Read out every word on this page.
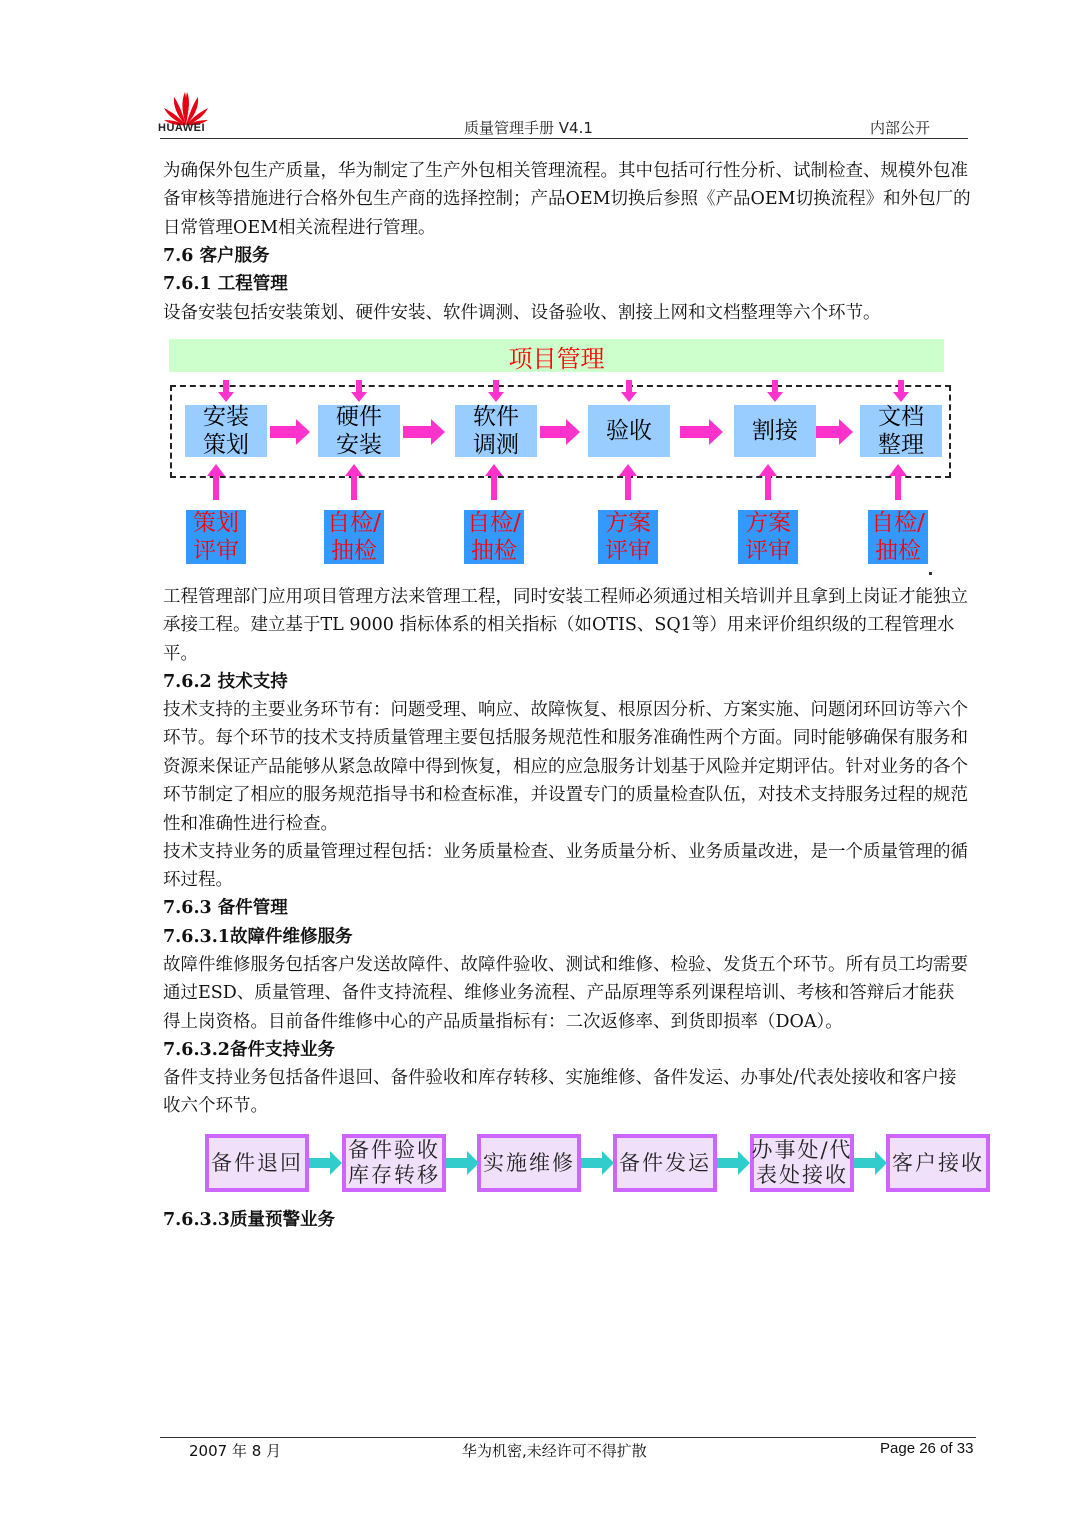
HUAWEI	质量管理手册 V4.1	内部公开
为确保外包生产质量，华为制定了生产外包相关管理流程。其中包括可行性分析、试制检查、规模外包准备审核等措施进行合格外包生产商的选择控制；产品OEM切换后参照《产品OEM切换流程》和外包厂的日常管理OEM相关流程进行管理。
7.6 客户服务
7.6.1 工程管理
设备安装包括安装策划、硬件安装、软件调测、设备验收、割接上网和文档整理等六个环节。
项目管理
安装
策划
硬件
安装
软件
调测
验收	割接
文档
整理
策划
评审
自检/
抽检
自检/
抽检
方案
评审
方案
评审
自检/
抽检
工程管理部门应用项目管理方法来管理工程，同时安装工程师必须通过相关培训并且拿到上岗证才能独立承接工程。建立基于TL 9000 指标体系的相关指标（如OTIS、SQ1等）用来评价组织级的工程管理水平。
7.6.2 技术支持
技术支持的主要业务环节有：问题受理、响应、故障恢复、根原因分析、方案实施、问题闭环回访等六个环节。每个环节的技术支持质量管理主要包括服务规范性和服务准确性两个方面。同时能够确保有服务和资源来保证产品能够从紧急故障中得到恢复，相应的应急服务计划基于风险并定期评估。针对业务的各个环节制定了相应的服务规范指导书和检查标准，并设置专门的质量检查队伍，对技术支持服务过程的规范性和准确性进行检查。
技术支持业务的质量管理过程包括：业务质量检查、业务质量分析、业务质量改进，是一个质量管理的循环过程。
7.6.3 备件管理
7.6.3.1故障件维修服务
故障件维修服务包括客户发送故障件、故障件验收、测试和维修、检验、发货五个环节。所有员工均需要通过ESD、质量管理、备件支持流程、维修业务流程、产品原理等系列课程培训、考核和答辩后才能获得上岗资格。目前备件维修中心的产品质量指标有：二次返修率、到货即损率（DOA）。
7.6.3.2备件支持业务
备件支持业务包括备件退回、备件验收和库存转移、实施维修、备件发运、办事处/代表处接收和客户接收六个环节。
备件退回
备件验收
库存转移
实施维修 备件发运
办事处/代
表处接收
客户接收
7.6.3.3质量预警业务
2007 年 8 月	华为机密,未经许可不得扩散	Page 26 of 33
